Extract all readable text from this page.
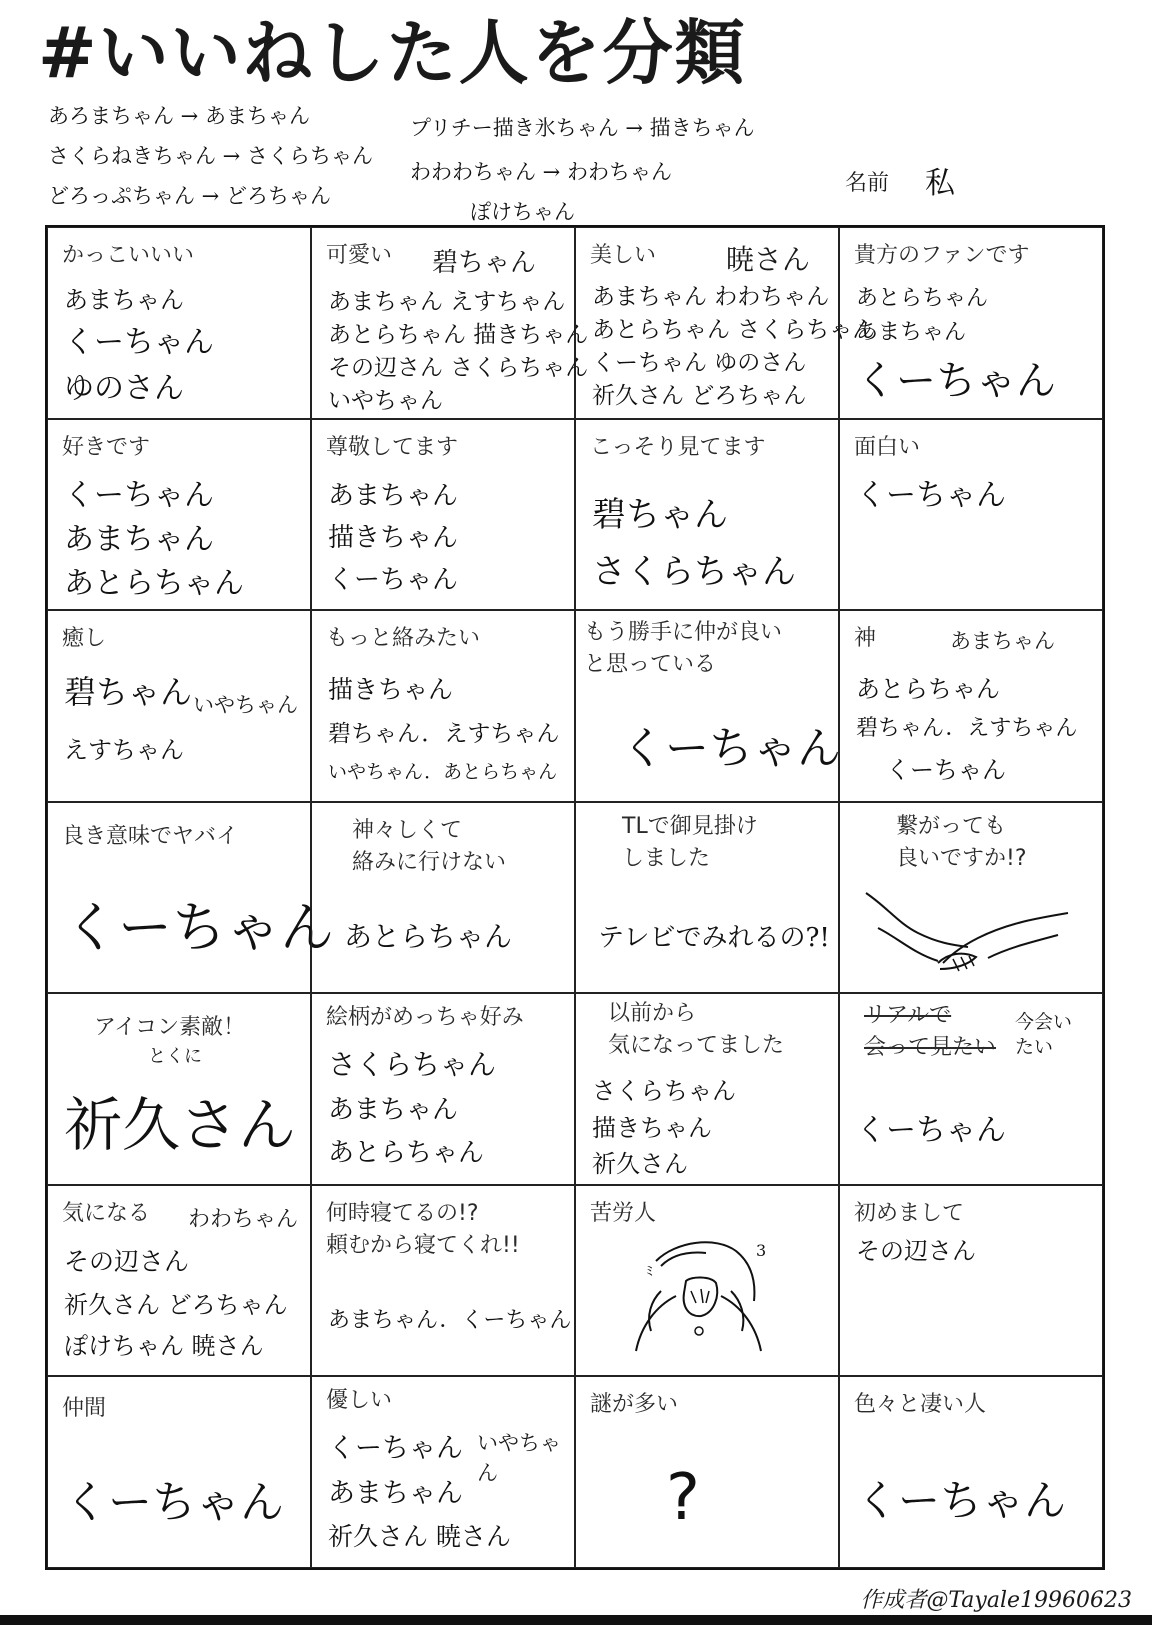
#いいねした人を分類
あろまちゃん → あまちゃん
さくらねきちゃん → さくらちゃん
どろっぷちゃん → どろちゃん
プリチー描き氷ちゃん → 描きちゃん
わわわちゃん → わわちゃん
ぽけちゃん
名前 私
かっこいいい
あまちゃん
くーちゃん
ゆのさん
可愛い 碧ちゃん
あまちゃん えすちゃん
あとらちゃん 描きちゃん
その辺さん さくらちゃん
いやちゃん
美しい 暁さん
あまちゃん わわちゃん
あとらちゃん さくらちゃん
くーちゃん ゆのさん
祈久さん どろちゃん
貴方のファンです
あとらちゃん
あまちゃん
くーちゃん
好きです
くーちゃん
あまちゃん
あとらちゃん
尊敬してます
あまちゃん
描きちゃん
くーちゃん
こっそり見てます
碧ちゃん
さくらちゃん
面白い
くーちゃん
癒し
いやちゃん
碧ちゃん
えすちゃん
もっと絡みたい
描きちゃん
碧ちゃん．えすちゃん
いやちゃん．あとらちゃん
もう勝手に仲が良い
と思っている
くーちゃん
神	あまちゃん
あとらちゃん
碧ちゃん．えすちゃん
くーちゃん
良き意味でヤバイ
くーちゃん
神々しくて
絡みに行けない
あとらちゃん
TLで御見掛け
しました
テレビでみれるの?!
繋がっても
良いですか!?
アイコン素敵！
とくに
祈久さん
絵柄がめっちゃ好み
さくらちゃん
あまちゃん
あとらちゃん
以前から
気になってました
さくらちゃん
描きちゃん
祈久さん
リアルで
会って見たい
今会いたい
くーちゃん
気になる わわちゃん
その辺さん
祈久さん どろちゃん
ぽけちゃん 暁さん
何時寝てるの!?
頼むから寝てくれ!!
あまちゃん．くーちゃん
苦労人
ﾐ
3
初めまして
その辺さん
仲間
くーちゃん
優しい
いやちゃん
くーちゃん
あまちゃん
祈久さん 暁さん
謎が多い
?
色々と凄い人
くーちゃん
作成者@Tayale19960623
